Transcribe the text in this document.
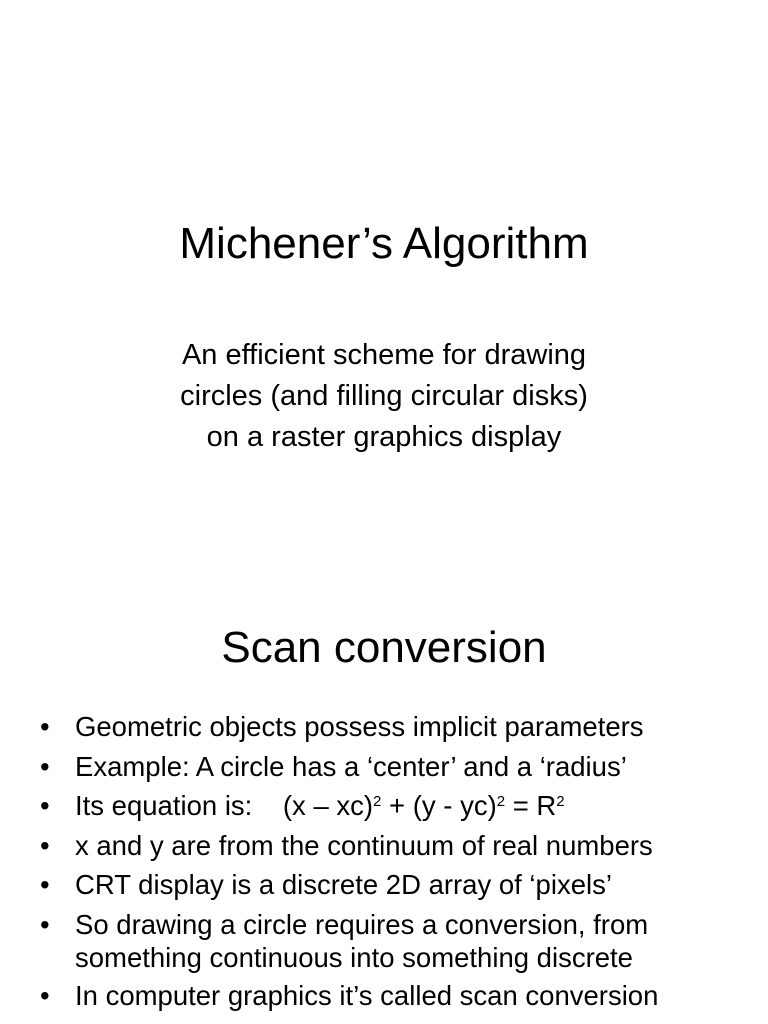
Michener’s Algorithm
An efficient scheme for drawing
circles (and filling circular disks)
on a raster graphics display
Scan conversion
• Geometric objects possess implicit parameters
• Example: A circle has a ‘center’ and a ‘radius’
• Its equation is: $(x - xc)^2 + (y - yc)^2 = R^2$
• x and y are from the continuum of real numbers
• CRT display is a discrete 2D array of ‘pixels’
• So drawing a circle requires a conversion, from
something continuous into something discrete
• In computer graphics it’s called scan conversion
